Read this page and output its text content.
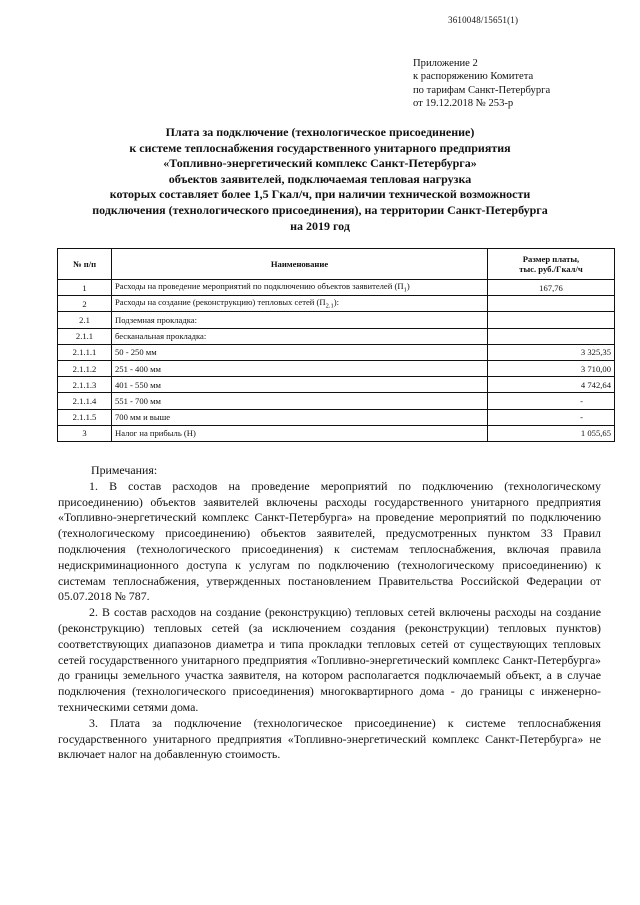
3610048/15651(1)
Приложение 2
к распоряжению Комитета
по тарифам Санкт-Петербурга
от 19.12.2018 № 253-р
Плата за подключение (технологическое присоединение)
к системе теплоснабжения государственного унитарного предприятия
«Топливно-энергетический комплекс Санкт-Петербурга»
объектов заявителей, подключаемая тепловая нагрузка
которых составляет более 1,5 Гкал/ч, при наличии технической возможности
подключения (технологического присоединения), на территории Санкт-Петербурга
на 2019 год
№ п/п	Наименование	Размер платы,
тыс. руб./Гкал/ч

1	Расходы на проведение мероприятий по подключению объектов заявителей $(П_1)$	167,76
2	Расходы на создание (реконструкцию) тепловых сетей $(П_{2.1})$:	
2.1	Подземная прокладка:	
2.1.1	бесканальная прокладка:	
2.1.1.1	50 - 250 мм	3 325,35
2.1.1.2	251 - 400 мм	3 710,00
2.1.1.3	401 - 550 мм	4 742,64
2.1.1.4	551 - 700 мм	-
2.1.1.5	700 мм и выше	-
3	Налог на прибыль (Н)	1 055,65
Примечания:
1. В состав расходов на проведение мероприятий по подключению (технологическому присоединению) объектов заявителей включены расходы государственного унитарного предприятия «Топливно-энергетический комплекс Санкт-Петербурга» на проведение мероприятий по подключению (технологическому присоединению) объектов заявителей, предусмотренных пунктом 33 Правил подключения (технологического присоединения) к системам теплоснабжения, включая правила недискриминационного доступа к услугам по подключению (технологическому присоединению) к системам теплоснабжения, утвержденных постановлением Правительства Российской Федерации от 05.07.2018 № 787.
2. В состав расходов на создание (реконструкцию) тепловых сетей включены расходы на создание (реконструкцию) тепловых сетей (за исключением создания (реконструкции) тепловых пунктов) соответствующих диапазонов диаметра и типа прокладки тепловых сетей от существующих тепловых сетей государственного унитарного предприятия «Топливно-энергетический комплекс Санкт-Петербурга» до границы земельного участка заявителя, на котором располагается подключаемый объект, а в случае подключения (технологического присоединения) многоквартирного дома - до границы с инженерно-техническими сетями дома.
3. Плата за подключение (технологическое присоединение) к системе теплоснабжения государственного унитарного предприятия «Топливно-энергетический комплекс Санкт-Петербурга» не включает налог на добавленную стоимость.
